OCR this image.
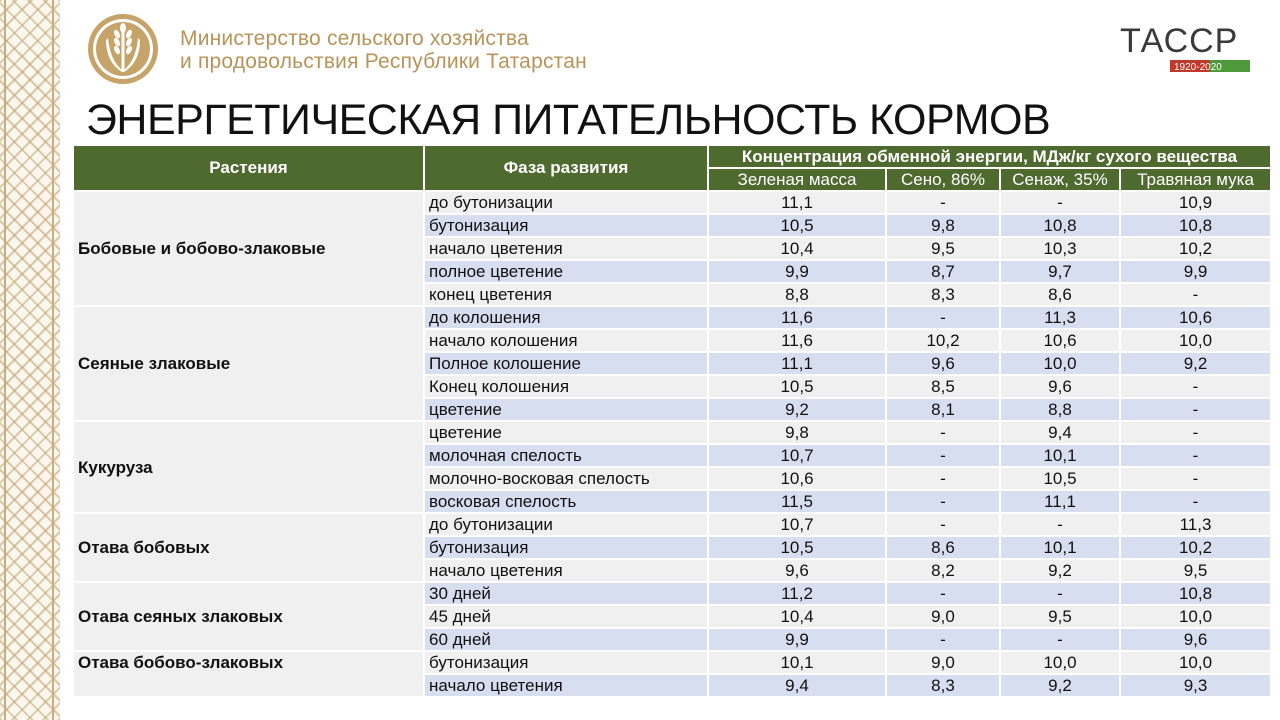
Министерство сельского хозяйства
и продовольствия Республики Татарстан
ТАССР
1920-2020
ЭНЕРГЕТИЧЕСКАЯ ПИТАТЕЛЬНОСТЬ КОРМОВ
Растения	Фаза развития	Концентрация обменной энергии, МДж/кг сухого вещества			
		Зеленая масса	Сено, 86%	Сенаж, 35%	Травяная мука
Бобовые и бобово-злаковые	до бутонизации	11,1	-	-	10,9
	бутонизация	10,5	9,8	10,8	10,8
	начало цветения	10,4	9,5	10,3	10,2
	полное цветение	9,9	8,7	9,7	9,9
	конец цветения	8,8	8,3	8,6	-
Сеяные злаковые	до колошения	11,6	-	11,3	10,6
	начало колошения	11,6	10,2	10,6	10,0
	Полное колошение	11,1	9,6	10,0	9,2
	Конец колошения	10,5	8,5	9,6	-
	цветение	9,2	8,1	8,8	-
Кукуруза	цветение	9,8	-	9,4	-
	молочная спелость	10,7	-	10,1	-
	молочно-восковая спелость	10,6	-	10,5	-
	восковая спелость	11,5	-	11,1	-
Отава бобовых	до бутонизации	10,7	-	-	11,3
	бутонизация	10,5	8,6	10,1	10,2
	начало цветения	9,6	8,2	9,2	9,5
Отава сеяных злаковых	30 дней	11,2	-	-	10,8
	45 дней	10,4	9,0	9,5	10,0
	60 дней	9,9	-	-	9,6
Отава бобово-злаковых	бутонизация	10,1	9,0	10,0	10,0
	начало цветения	9,4	8,3	9,2	9,3
